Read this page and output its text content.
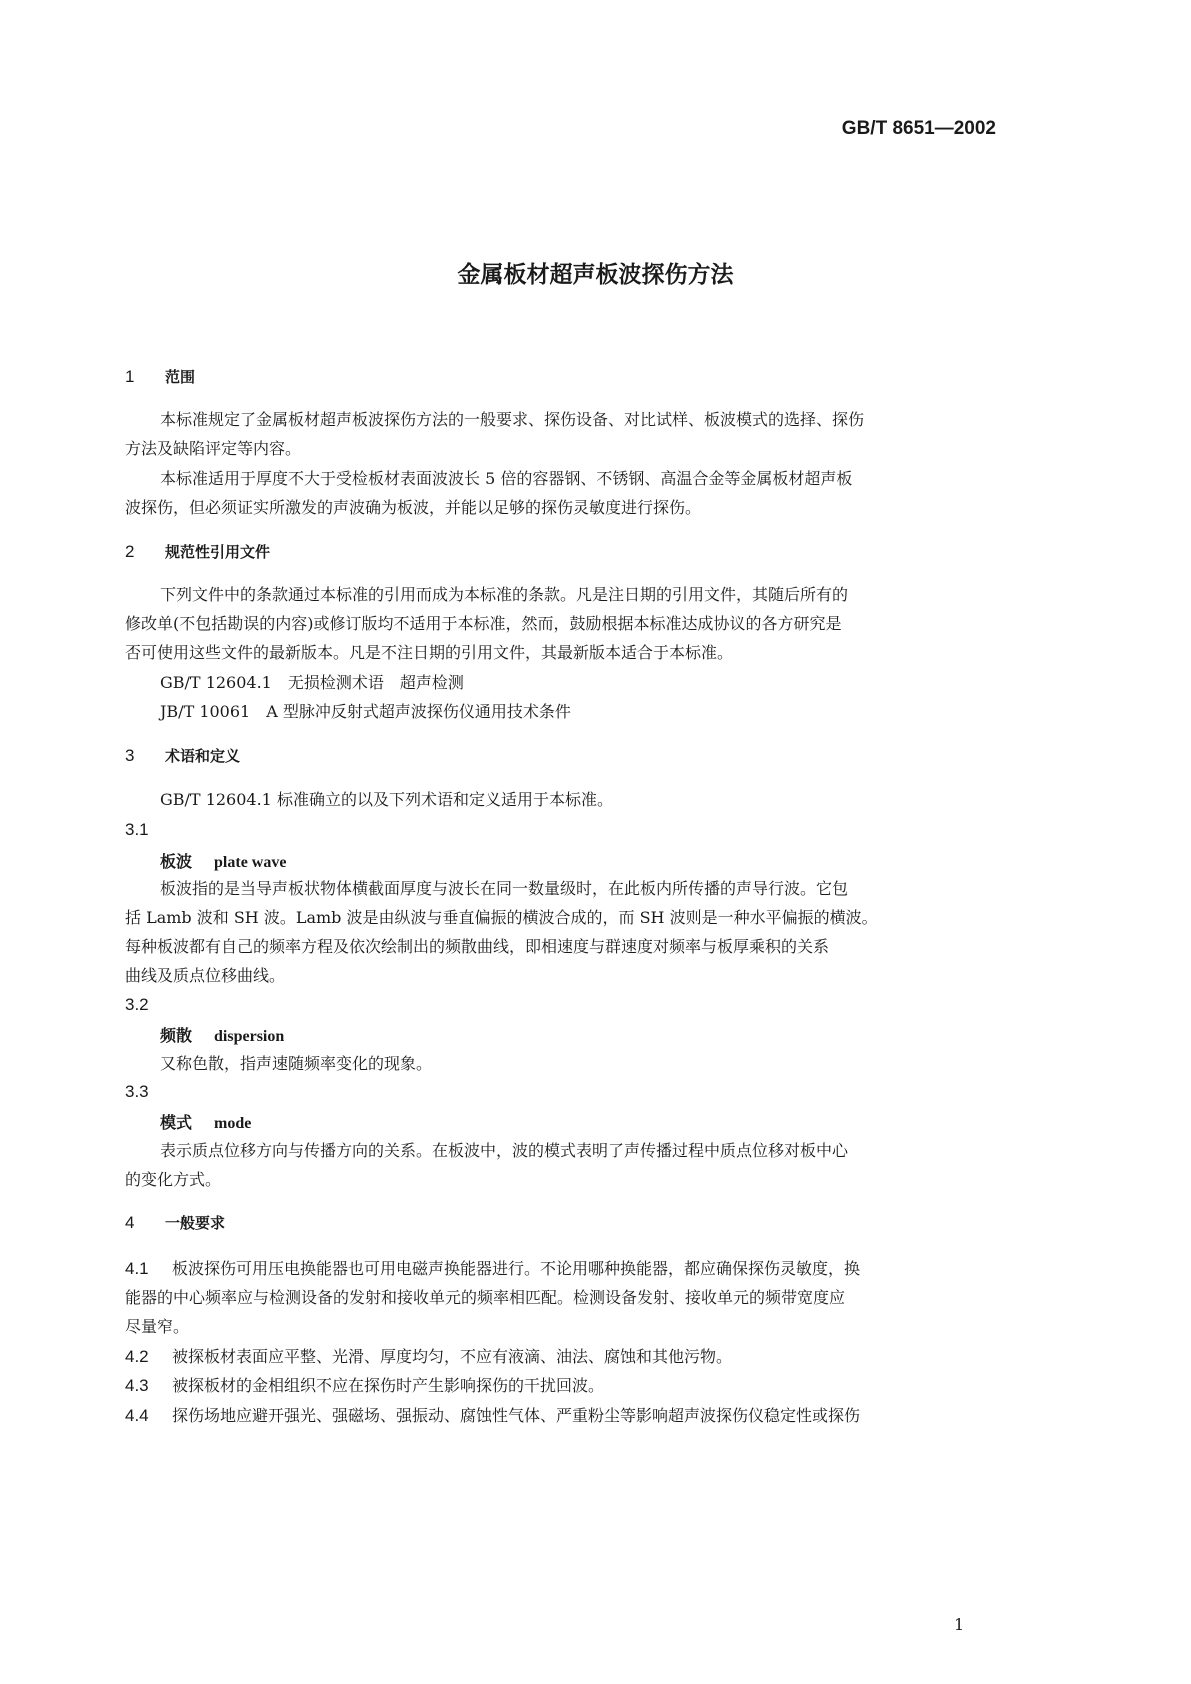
GB/T 8651—2002
金属板材超声板波探伤方法
1 范围
本标准规定了金属板材超声板波探伤方法的一般要求、探伤设备、对比试样、板波模式的选择、探伤
方法及缺陷评定等内容。
本标准适用于厚度不大于受检板材表面波波长 5 倍的容器钢、不锈钢、高温合金等金属板材超声板
波探伤，但必须证实所激发的声波确为板波，并能以足够的探伤灵敏度进行探伤。
2 规范性引用文件
下列文件中的条款通过本标准的引用而成为本标准的条款。凡是注日期的引用文件，其随后所有的
修改单(不包括勘误的内容)或修订版均不适用于本标准，然而，鼓励根据本标准达成协议的各方研究是
否可使用这些文件的最新版本。凡是不注日期的引用文件，其最新版本适合于本标准。
GB/T 12604.1　无损检测术语　超声检测
JB/T 10061　A 型脉冲反射式超声波探伤仪通用技术条件
3 术语和定义
GB/T 12604.1 标准确立的以及下列术语和定义适用于本标准。
3.1
板波 plate wave
板波指的是当导声板状物体横截面厚度与波长在同一数量级时，在此板内所传播的声导行波。它包
括 Lamb 波和 SH 波。Lamb 波是由纵波与垂直偏振的横波合成的，而 SH 波则是一种水平偏振的横波。
每种板波都有自己的频率方程及依次绘制出的频散曲线，即相速度与群速度对频率与板厚乘积的关系
曲线及质点位移曲线。
3.2
频散 dispersion
又称色散，指声速随频率变化的现象。
3.3
模式 mode
表示质点位移方向与传播方向的关系。在板波中，波的模式表明了声传播过程中质点位移对板中心
的变化方式。
4 一般要求
4.1 板波探伤可用压电换能器也可用电磁声换能器进行。不论用哪种换能器，都应确保探伤灵敏度，换
能器的中心频率应与检测设备的发射和接收单元的频率相匹配。检测设备发射、接收单元的频带宽度应
尽量窄。
4.2 被探板材表面应平整、光滑、厚度均匀，不应有液滴、油法、腐蚀和其他污物。
4.3 被探板材的金相组织不应在探伤时产生影响探伤的干扰回波。
4.4 探伤场地应避开强光、强磁场、强振动、腐蚀性气体、严重粉尘等影响超声波探伤仪稳定性或探伤
1
